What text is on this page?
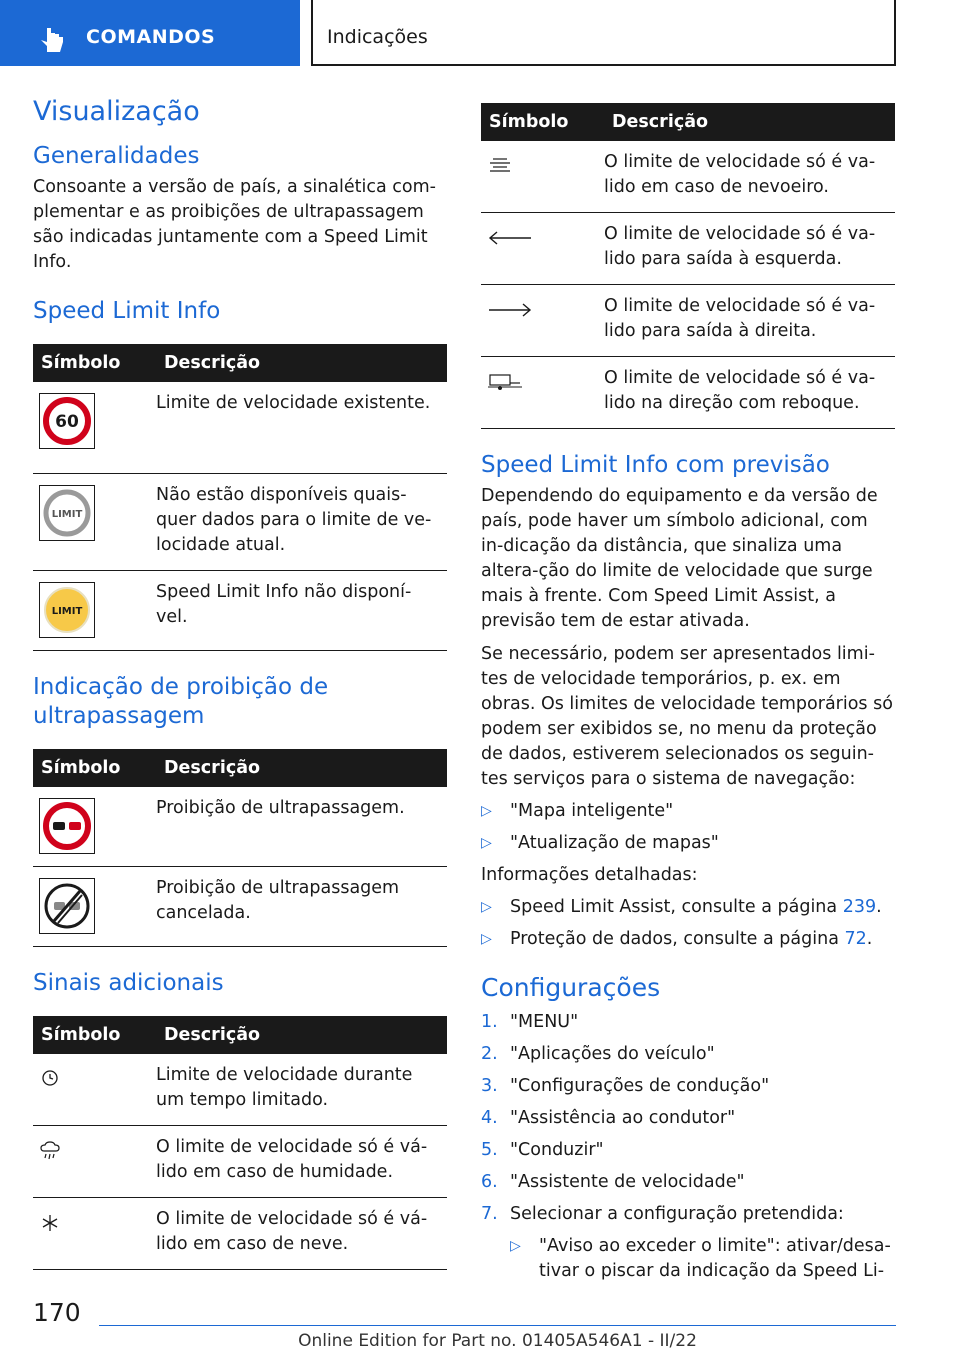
COMANDOS	Indicações
Visualização
Generalidades

Consoante a versão de país, a sinalética com-plementar e as proibições de ultrapassagem são indicadas juntamente com a Speed Limit Info.

Speed Limit Info
Símbolo	Descrição

60	Limite de velocidade existente.

LIMIT	Não estão disponíveis quais-quer dados para o limite de ve-locidade atual.

LIMIT	Speed Limit Info não disponí-vel.
Indicação de proibição de ultrapassagem
Símbolo	Descrição

	Proibição de ultrapassagem.

	Proibição de ultrapassagem cancelada.
Sinais adicionais
Símbolo	Descrição

	Limite de velocidade durante um tempo limitado.

	O limite de velocidade só é vá-lido em caso de humidade.

	O limite de velocidade só é vá-lido em caso de neve.
Símbolo	Descrição

	O limite de velocidade só é va-lido em caso de nevoeiro.

	O limite de velocidade só é va-lido para saída à esquerda.

	O limite de velocidade só é va-lido para saída à direita.

	O limite de velocidade só é va-lido na direção com reboque.
Speed Limit Info com previsão

Dependendo do equipamento e da versão de país, pode haver um símbolo adicional, com in-dicação da distância, que sinaliza uma altera-ção do limite de velocidade que surge mais à frente. Com Speed Limit Assist, a previsão tem de estar ativada.

Se necessário, podem ser apresentados limi-tes de velocidade temporários, p. ex. em obras. Os limites de velocidade temporários só podem ser exibidos se, no menu da proteção de dados, estiverem selecionados os seguin-tes serviços para o sistema de navegação:

▷ "Mapa inteligente"
▷ "Atualização de mapas"

Informações detalhadas:

▷ Speed Limit Assist, consulte a página 239.
▷ Proteção de dados, consulte a página 72.
Configurações
1. "MENU"
2. "Aplicações do veículo"
3. "Configurações de condução"
4. "Assistência ao condutor"
5. "Conduzir"
6. "Assistente de velocidade"
7. Selecionar a configuração pretendida:
▷ "Aviso ao exceder o limite": ativar/desa-tivar o piscar da indicação da Speed Li-
170
Online Edition for Part no. 01405A546A1 - II/22
